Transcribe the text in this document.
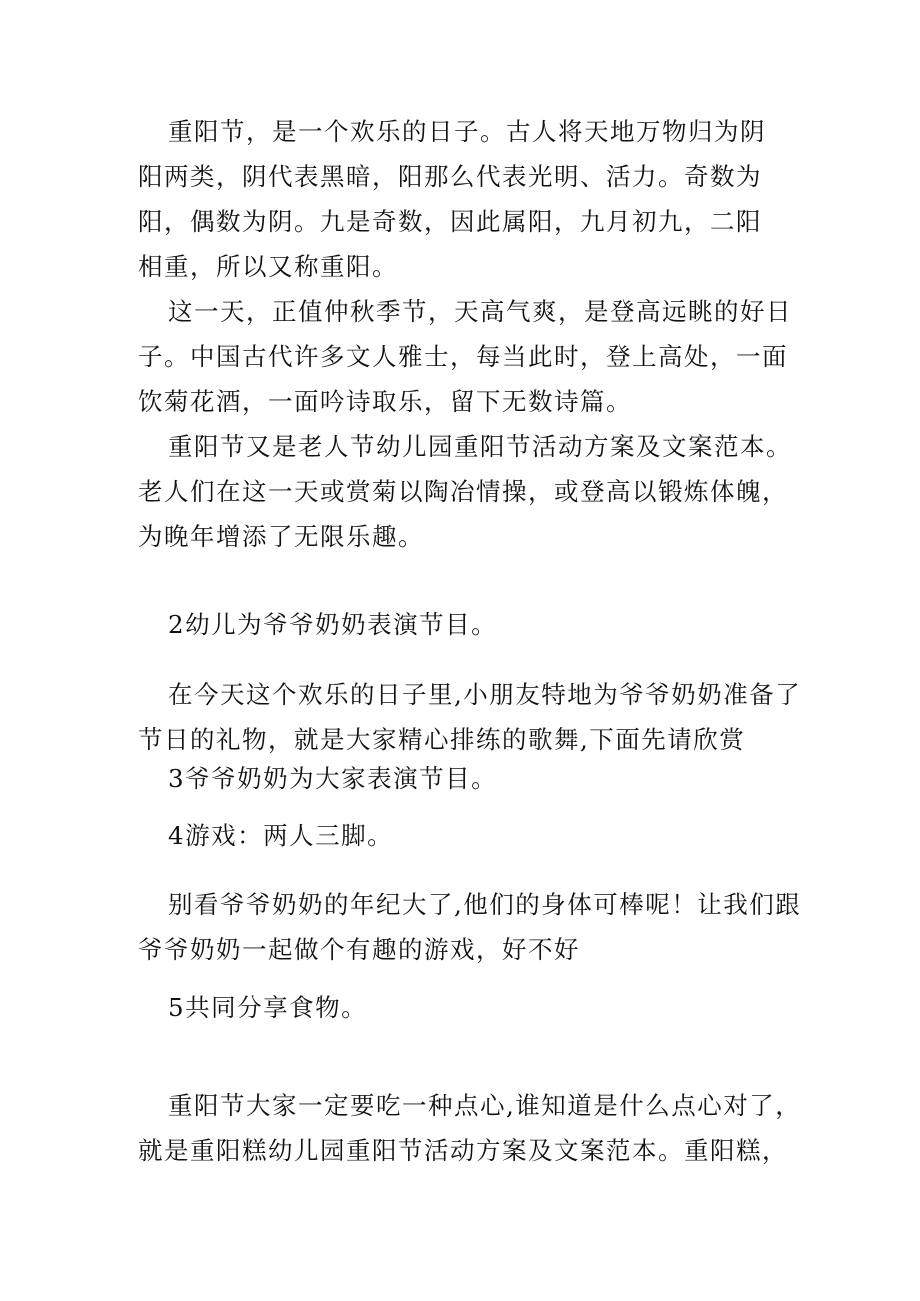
重阳节，是一个欢乐的日子。古人将天地万物归为阴阳两类，阴代表黑暗，阳那么代表光明、活力。奇数为阳，偶数为阴。九是奇数，因此属阳，九月初九，二阳相重，所以又称重阳。

这一天，正值仲秋季节，天高气爽，是登高远眺的好日子。中国古代许多文人雅士，每当此时，登上高处，一面饮菊花酒，一面吟诗取乐，留下无数诗篇。

重阳节又是老人节幼儿园重阳节活动方案及文案范本。老人们在这一天或赏菊以陶冶情操，或登高以锻炼体魄，为晚年增添了无限乐趣。

2幼儿为爷爷奶奶表演节目。

在今天这个欢乐的日子里,小朋友特地为爷爷奶奶准备了节日的礼物，就是大家精心排练的歌舞,下面先请欣赏

3爷爷奶奶为大家表演节目。

4游戏：两人三脚。

别看爷爷奶奶的年纪大了,他们的身体可棒呢！让我们跟爷爷奶奶一起做个有趣的游戏，好不好

5共同分享食物。

重阳节大家一定要吃一种点心,谁知道是什么点心对了，就是重阳糕幼儿园重阳节活动方案及文案范本。重阳糕，
